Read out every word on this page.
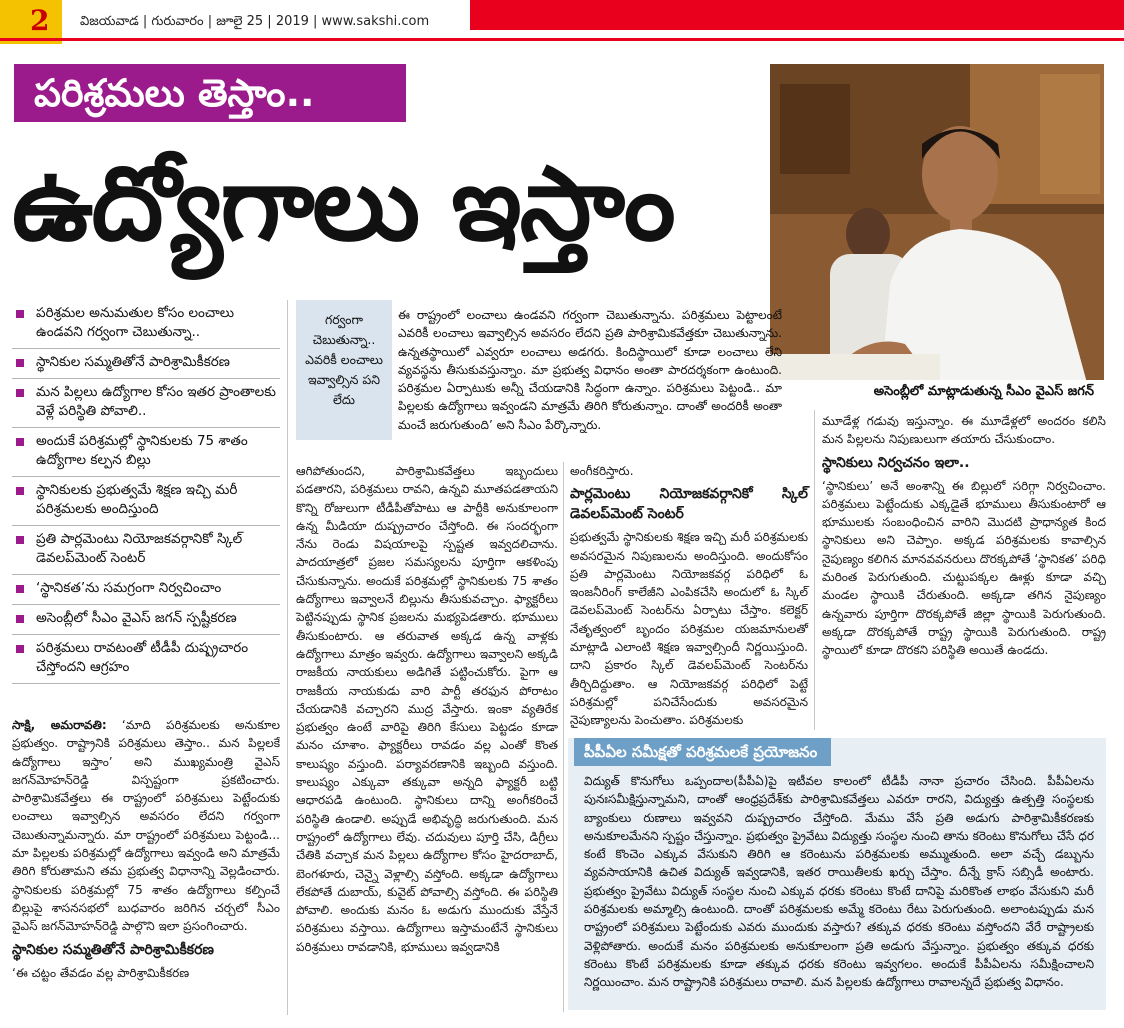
2 విజయవాడ | గురువారం | జూలై 25 | 2019 | www.sakshi.com
పరిశ్రమలు తెస్తాం..
ఉద్యోగాలు ఇస్తాం
అసెంబ్లీలో మాట్లాడుతున్న సీఎం వైఎస్ జగన్
పరిశ్రమల అనుమతుల కోసం లంచాలు ఉండవని గర్వంగా చెబుతున్నా..
స్థానికుల సమ్మతితోనే పారిశ్రామికీకరణ
మన పిల్లలు ఉద్యోగాల కోసం ఇతర ప్రాంతాలకు వెళ్లే పరిస్థితి పోవాలి..
అందుకే పరిశ్రమల్లో స్థానికులకు 75 శాతం ఉద్యోగాల కల్పన బిల్లు
స్థానికులకు ప్రభుత్వమే శిక్షణ ఇచ్చి మరీ పరిశ్రమలకు అందిస్తుంది
ప్రతి పార్లమెంటు నియోజకవర్గానికో స్కిల్ డెవలప్‌మెంట్ సెంటర్
‘స్థానికత’ను సమగ్రంగా నిర్వచించాం
అసెంబ్లీలో సీఎం వైఎస్ జగన్ స్పష్టీకరణ
పరిశ్రమలు రావటంతో టీడీపీ దుష్ప్రచారం చేస్తోందని ఆగ్రహం

సాక్షి, అమరావతి: ‘మాది పరిశ్రమలకు అనుకూల ప్రభుత్వం. రాష్ట్రానికి పరిశ్రమలు తెస్తాం.. మన పిల్లలకే ఉద్యోగాలు ఇస్తాం’ అని ముఖ్యమంత్రి వైఎస్ జగన్‌మోహన్‌రెడ్డి విస్పష్టంగా ప్రకటించారు. పారిశ్రామికవేత్తలు ఈ రాష్ట్రంలో పరిశ్రమలు పెట్టేందుకు లంచాలు ఇవ్వాల్సిన అవసరం లేదని గర్వంగా చెబుతున్నామన్నారు. మా రాష్ట్రంలో పరిశ్రమలు పెట్టండి... మా పిల్లలకు పరిశ్రమల్లో ఉద్యోగాలు ఇవ్వండి అని మాత్రమే తిరిగి కోరుతామని తమ ప్రభుత్వ విధానాన్ని వెల్లడించారు. స్థానికులకు పరిశ్రమల్లో 75 శాతం ఉద్యోగాలు కల్పించే బిల్లుపై శాసనసభలో బుధవారం జరిగిన చర్చలో సీఎం వైఎస్ జగన్‌మోహన్‌రెడ్డి పాల్గొని ఇలా ప్రసంగించారు.

స్థానికుల సమ్మతితోనే పారిశ్రామికీకరణ

‘ఈ చట్టం తేవడం వల్ల పారిశ్రామికీకరణ

గర్వంగా చెబుతున్నా.. ఎవరికీ లంచాలు ఇవ్వాల్సిన పని లేదు
ఈ రాష్ట్రంలో లంచాలు ఉండవని గర్వంగా చెబుతున్నాను. పరిశ్రమలు పెట్టాలంటే ఎవరికీ లంచాలు ఇవ్వాల్సిన అవసరం లేదని ప్రతి పారిశ్రామికవేత్తకూ చెబుతున్నాను. ఉన్నతస్థాయిలో ఎవ్వరూ లంచాలు అడగరు. కిందిస్థాయిలో కూడా లంచాలు లేని వ్యవస్థను తీసుకువస్తున్నాం. మా ప్రభుత్వ విధానం అంతా పారదర్శకంగా ఉంటుంది. పరిశ్రమల ఏర్పాటుకు అన్నీ చేయడానికి సిద్ధంగా ఉన్నాం. పరిశ్రమలు పెట్టండి.. మా పిల్లలకు ఉద్యోగాలు ఇవ్వండని మాత్రమే తిరిగి కోరుతున్నాం. దాంతో అందరికీ అంతా మంచే జరుగుతుంది’ అని సీఎం పేర్కొన్నారు.

ఆగిపోతుందని, పారిశ్రామికవేత్తలు ఇబ్బందులు పడతారని, పరిశ్రమలు రావని, ఉన్నవి మూతపడతాయని కొన్ని రోజులుగా టీడీపీతోపాటు ఆ పార్టీకి అనుకూలంగా ఉన్న మీడియా దుష్ప్రచారం చేస్తోంది. ఈ సందర్భంగా నేను రెండు విషయాలపై స్పష్టత ఇవ్వదలిచాను. పాదయాత్రలో ప్రజల సమస్యలను పూర్తిగా ఆకళింపు చేసుకున్నాను. అందుకే పరిశ్రమల్లో స్థానికులకు 75 శాతం ఉద్యోగాలు ఇవ్వాలనే బిల్లును తీసుకువచ్చాం. ఫ్యాక్టరీలు పెట్టినప్పుడు స్థానిక ప్రజలను మభ్యపెడతారు. భూములు తీసుకుంటారు. ఆ తరువాత అక్కడ ఉన్న వాళ్లకు ఉద్యోగాలు మాత్రం ఇవ్వరు. ఉద్యోగాలు ఇవ్వాలని అక్కడి రాజకీయ నాయకులు అడిగితే పట్టించుకోరు. పైగా ఆ రాజకీయ నాయకుడు వారి పార్టీ తరఫున పోరాటం చేయడానికి వచ్చారని ముద్ర వేస్తారు. ఇంకా వ్యతిరేక ప్రభుత్వం ఉంటే వారిపై తిరిగి కేసులు పెట్టడం కూడా మనం చూశాం. ఫ్యాక్టరీలు రావడం వల్ల ఎంతో కొంత కాలుష్యం వస్తుంది. పర్యావరణానికి ఇబ్బంది వస్తుంది. కాలుష్యం ఎక్కువా తక్కువా అన్నది ఫ్యాక్టరీ బట్టి ఆధారపడి ఉంటుంది. స్థానికులు దాన్ని అంగీకరించే పరిస్థితి ఉండాలి. అప్పుడే అభివృద్ధి జరుగుతుంది. మన రాష్ట్రంలో ఉద్యోగాలు లేవు. చదువులు పూర్తి చేసి, డిగ్రీలు చేతికి వచ్చాక మన పిల్లలు ఉద్యోగాల కోసం హైదరాబాద్, బెంగళూరు, చెన్నై వెళ్లాల్సి వస్తోంది. అక్కడా ఉద్యోగాలు లేకపోతే దుబాయ్, కువైట్ పోవాల్సి వస్తోంది. ఈ పరిస్థితి పోవాలి. అందుకు మనం ఓ అడుగు ముందుకు వేస్తేనే పరిశ్రమలు వస్తాయి. ఉద్యోగాలు ఇస్తామంటేనే స్థానికులు పరిశ్రమలు రావడానికి, భూములు ఇవ్వడానికి

అంగీకరిస్తారు.

పార్లమెంటు నియోజకవర్గానికో స్కిల్ డెవలప్‌మెంట్ సెంటర్

ప్రభుత్వమే స్థానికులకు శిక్షణ ఇచ్చి మరీ పరిశ్రమలకు అవసరమైన నిపుణులను అందిస్తుంది. అందుకోసం ప్రతి పార్లమెంటు నియోజకవర్గ పరిధిలో ఓ ఇంజనీరింగ్ కాలేజీని ఎంపికచేసి అందులో ఓ స్కిల్ డెవలప్‌మెంట్ సెంటర్‌ను ఏర్పాటు చేస్తాం. కలెక్టర్ నేతృత్వంలో బృందం పరిశ్రమల యజమానులతో మాట్లాడి ఎలాంటి శిక్షణ ఇవ్వాల్సిందీ నిర్ణయిస్తుంది. దాని ప్రకారం స్కిల్ డెవలప్‌మెంట్ సెంటర్‌ను తీర్చిదిద్దుతాం. ఆ నియోజకవర్గ పరిధిలో పెట్టే పరిశ్రమల్లో పనిచేసేందుకు అవసరమైన నైపుణ్యాలను పెంచుతాం. పరిశ్రమలకు

మూడేళ్ల గడువు ఇస్తున్నాం. ఈ మూడేళ్లలో అందరం కలిసి మన పిల్లలను నిపుణులుగా తయారు చేసుకుందాం.

స్థానికులు నిర్వచనం ఇలా..

‘స్థానికులు’ అనే అంశాన్ని ఈ బిల్లులో సరిగ్గా నిర్వచించాం. పరిశ్రమలు పెట్టేందుకు ఎక్కడైతే భూములు తీసుకుంటారో ఆ భూములకు సంబంధించిన వారిని మొదటి ప్రాధాన్యత కింద స్థానికులు అని చెప్పాం. అక్కడ పరిశ్రమలకు కావాల్సిన నైపుణ్యం కలిగిన మానవవనరులు దొరక్కపోతే ‘స్థానికత’ పరిధి మరింత పెరుగుతుంది. చుట్టుపక్కల ఊళ్లు కూడా వచ్చి మండల స్థాయికి చేరుతుంది. అక్కడా తగిన నైపుణ్యం ఉన్నవారు పూర్తిగా దొరక్కపోతే జిల్లా స్థాయికి పెరుగుతుంది. అక్కడా దొరక్కపోతే రాష్ట్ర స్థాయికి పెరుగుతుంది. రాష్ట్ర స్థాయిలో కూడా దొరకని పరిస్థితి అయితే ఉండదు.

పీపీఏల సమీక్షతో పరిశ్రమలకే ప్రయోజనం
విద్యుత్ కొనుగోలు ఒప్పందాల(పీపీఏ)పై ఇటీవల కాలంలో టీడీపీ నానా ప్రచారం చేసింది. పీపీఏలను పునఃసమీక్షిస్తున్నామని, దాంతో ఆంధ్రప్రదేశ్‌కు పారిశ్రామికవేత్తలు ఎవరూ రారని, విద్యుత్తు ఉత్పత్తి సంస్థలకు బ్యాంకులు రుణాలు ఇవ్వవని దుష్ప్రచారం చేస్తోంది. మేము వేసే ప్రతి అడుగు పారిశ్రామికీకరణకు అనుకూలమేనని స్పష్టం చేస్తున్నాం. ప్రభుత్వం ప్రైవేటు విద్యుత్తు సంస్థల నుంచి తాను కరెంటు కొనుగోలు చేసే ధర కంటే కొంచెం ఎక్కువ వేసుకుని తిరిగి ఆ కరెంటును పరిశ్రమలకు అమ్ముతుంది. అలా వచ్చే డబ్బును వ్యవసాయానికి ఉచిత విద్యుత్ ఇవ్వడానికి, ఇతర రాయితీలకు ఖర్చు చేస్తాం. దీన్నే క్రాస్ సబ్సిడీ అంటారు. ప్రభుత్వం ప్రైవేటు విద్యుత్ సంస్థల నుంచి ఎక్కువ ధరకు కరెంటు కొంటే దానిపై మరికొంత లాభం వేసుకుని మరీ పరిశ్రమలకు అమ్మాల్సి ఉంటుంది. దాంతో పరిశ్రమలకు అమ్మే కరెంటు రేటు పెరుగుతుంది. అలాంటప్పుడు మన రాష్ట్రంలో పరిశ్రమలు పెట్టేందుకు ఎవరు ముందుకు వస్తారు? తక్కువ ధరకు కరెంటు వస్తోందని వేరే రాష్ట్రాలకు వెళ్లిపోతారు. అందుకే మనం పరిశ్రమలకు అనుకూలంగా ప్రతి అడుగు వేస్తున్నాం. ప్రభుత్వం తక్కువ ధరకు కరెంటు కొంటే పరిశ్రమలకు కూడా తక్కువ ధరకు కరెంటు ఇవ్వగలం. అందుకే పీపీఏలను సమీక్షించాలని నిర్ణయించాం. మన రాష్ట్రానికి పరిశ్రమలు రావాలి. మన పిల్లలకు ఉద్యోగాలు రావాలన్నదే ప్రభుత్వ విధానం.
